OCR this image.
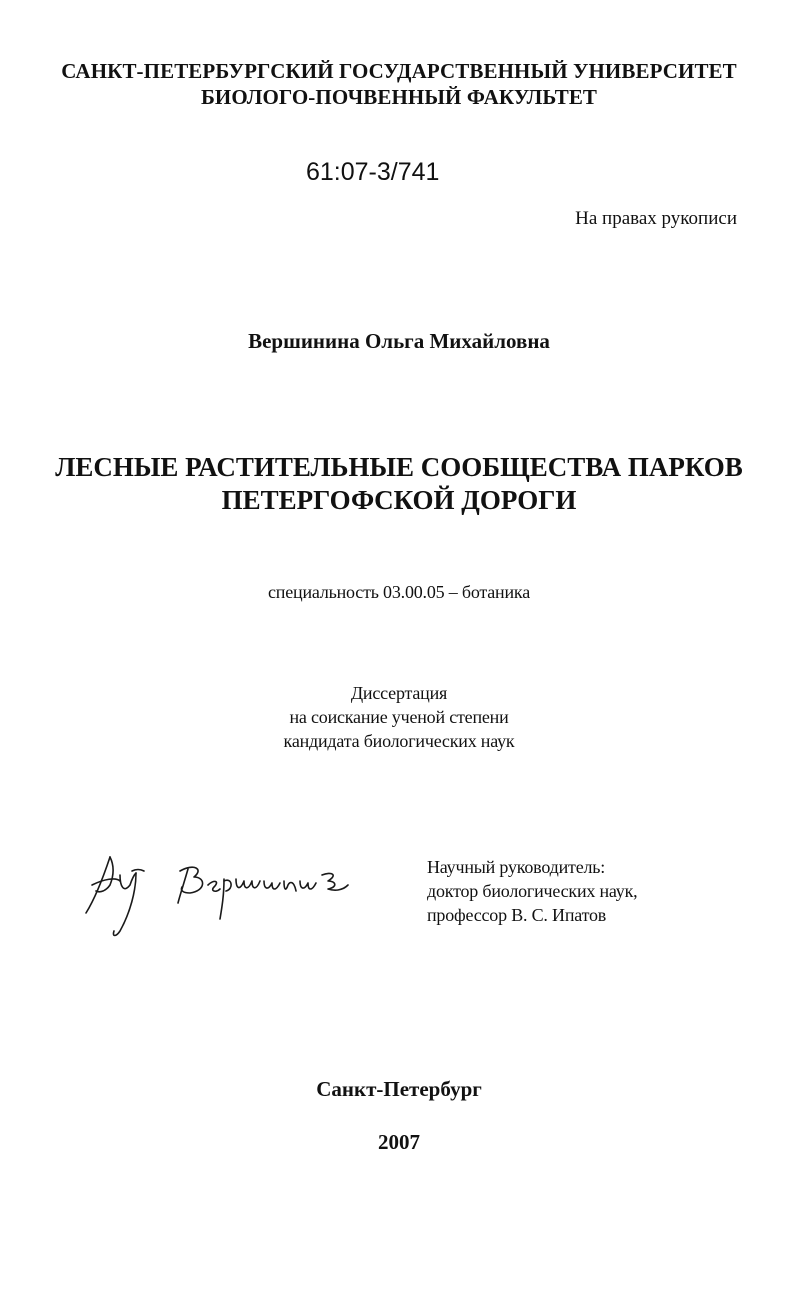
САНКТ-ПЕТЕРБУРГСКИЙ ГОСУДАРСТВЕННЫЙ УНИВЕРСИТЕТ
БИОЛОГО-ПОЧВЕННЫЙ ФАКУЛЬТЕТ
61:07-3/741
На правах рукописи
Вершинина Ольга Михайловна
ЛЕСНЫЕ РАСТИТЕЛЬНЫЕ СООБЩЕСТВА ПАРКОВ
ПЕТЕРГОФСКОЙ ДОРОГИ
специальность 03.00.05 – ботаника
Диссертация
на соискание ученой степени
кандидата биологических наук
Научный руководитель:
доктор биологических наук,
профессор В. С. Ипатов
Санкт-Петербург
2007
